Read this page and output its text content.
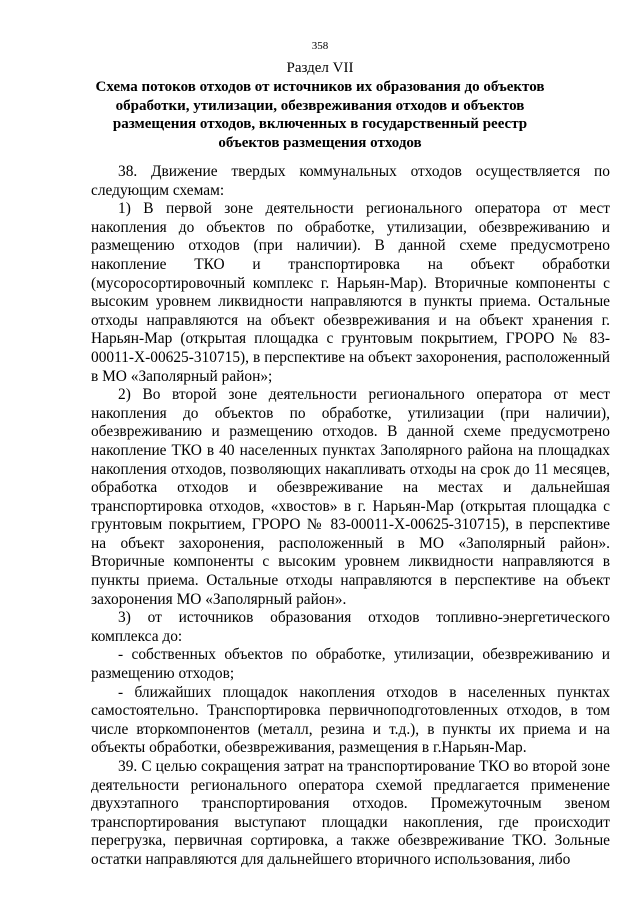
358
Раздел VII
Схема потоков отходов от источников их образования до объектов обработки, утилизации, обезвреживания отходов и объектов размещения отходов, включенных в государственный реестр объектов размещения отходов

38. Движение твердых коммунальных отходов осуществляется по следующим схемам:

1) В первой зоне деятельности регионального оператора от мест накопления до объектов по обработке, утилизации, обезвреживанию и размещению отходов (при наличии). В данной схеме предусмотрено накопление ТКО и транспортировка на объект обработки (мусоросортировочный комплекс г. Нарьян-Мар). Вторичные компоненты с высоким уровнем ликвидности направляются в пункты приема. Остальные отходы направляются на объект обезвреживания и на объект хранения г. Нарьян-Мар (открытая площадка с грунтовым покрытием, ГРОРО № 83-00011-Х-00625-310715), в перспективе на объект захоронения, расположенный в МО «Заполярный район»;

2) Во второй зоне деятельности регионального оператора от мест накопления до объектов по обработке, утилизации (при наличии), обезвреживанию и размещению отходов. В данной схеме предусмотрено накопление ТКО в 40 населенных пунктах Заполярного района на площадках накопления отходов, позволяющих накапливать отходы на срок до 11 месяцев, обработка отходов и обезвреживание на местах и дальнейшая транспортировка отходов, «хвостов» в г. Нарьян-Мар (открытая площадка с грунтовым покрытием, ГРОРО № 83-00011-Х-00625-310715), в перспективе на объект захоронения, расположенный в МО «Заполярный район». Вторичные компоненты с высоким уровнем ликвидности направляются в пункты приема. Остальные отходы направляются в перспективе на объект захоронения МО «Заполярный район».

3) от источников образования отходов топливно-энергетического комплекса до:

- собственных объектов по обработке, утилизации, обезвреживанию и размещению отходов;

- ближайших площадок накопления отходов в населенных пунктах самостоятельно. Транспортировка первичноподготовленных отходов, в том числе вторкомпонентов (металл, резина и т.д.), в пункты их приема и на объекты обработки, обезвреживания, размещения в г.Нарьян-Мар.

39. С целью сокращения затрат на транспортирование ТКО во второй зоне деятельности регионального оператора схемой предлагается применение двухэтапного транспортирования отходов. Промежуточным звеном транспортирования выступают площадки накопления, где происходит перегрузка, первичная сортировка, а также обезвреживание ТКО. Зольные остатки направляются для дальнейшего вторичного использования, либо
